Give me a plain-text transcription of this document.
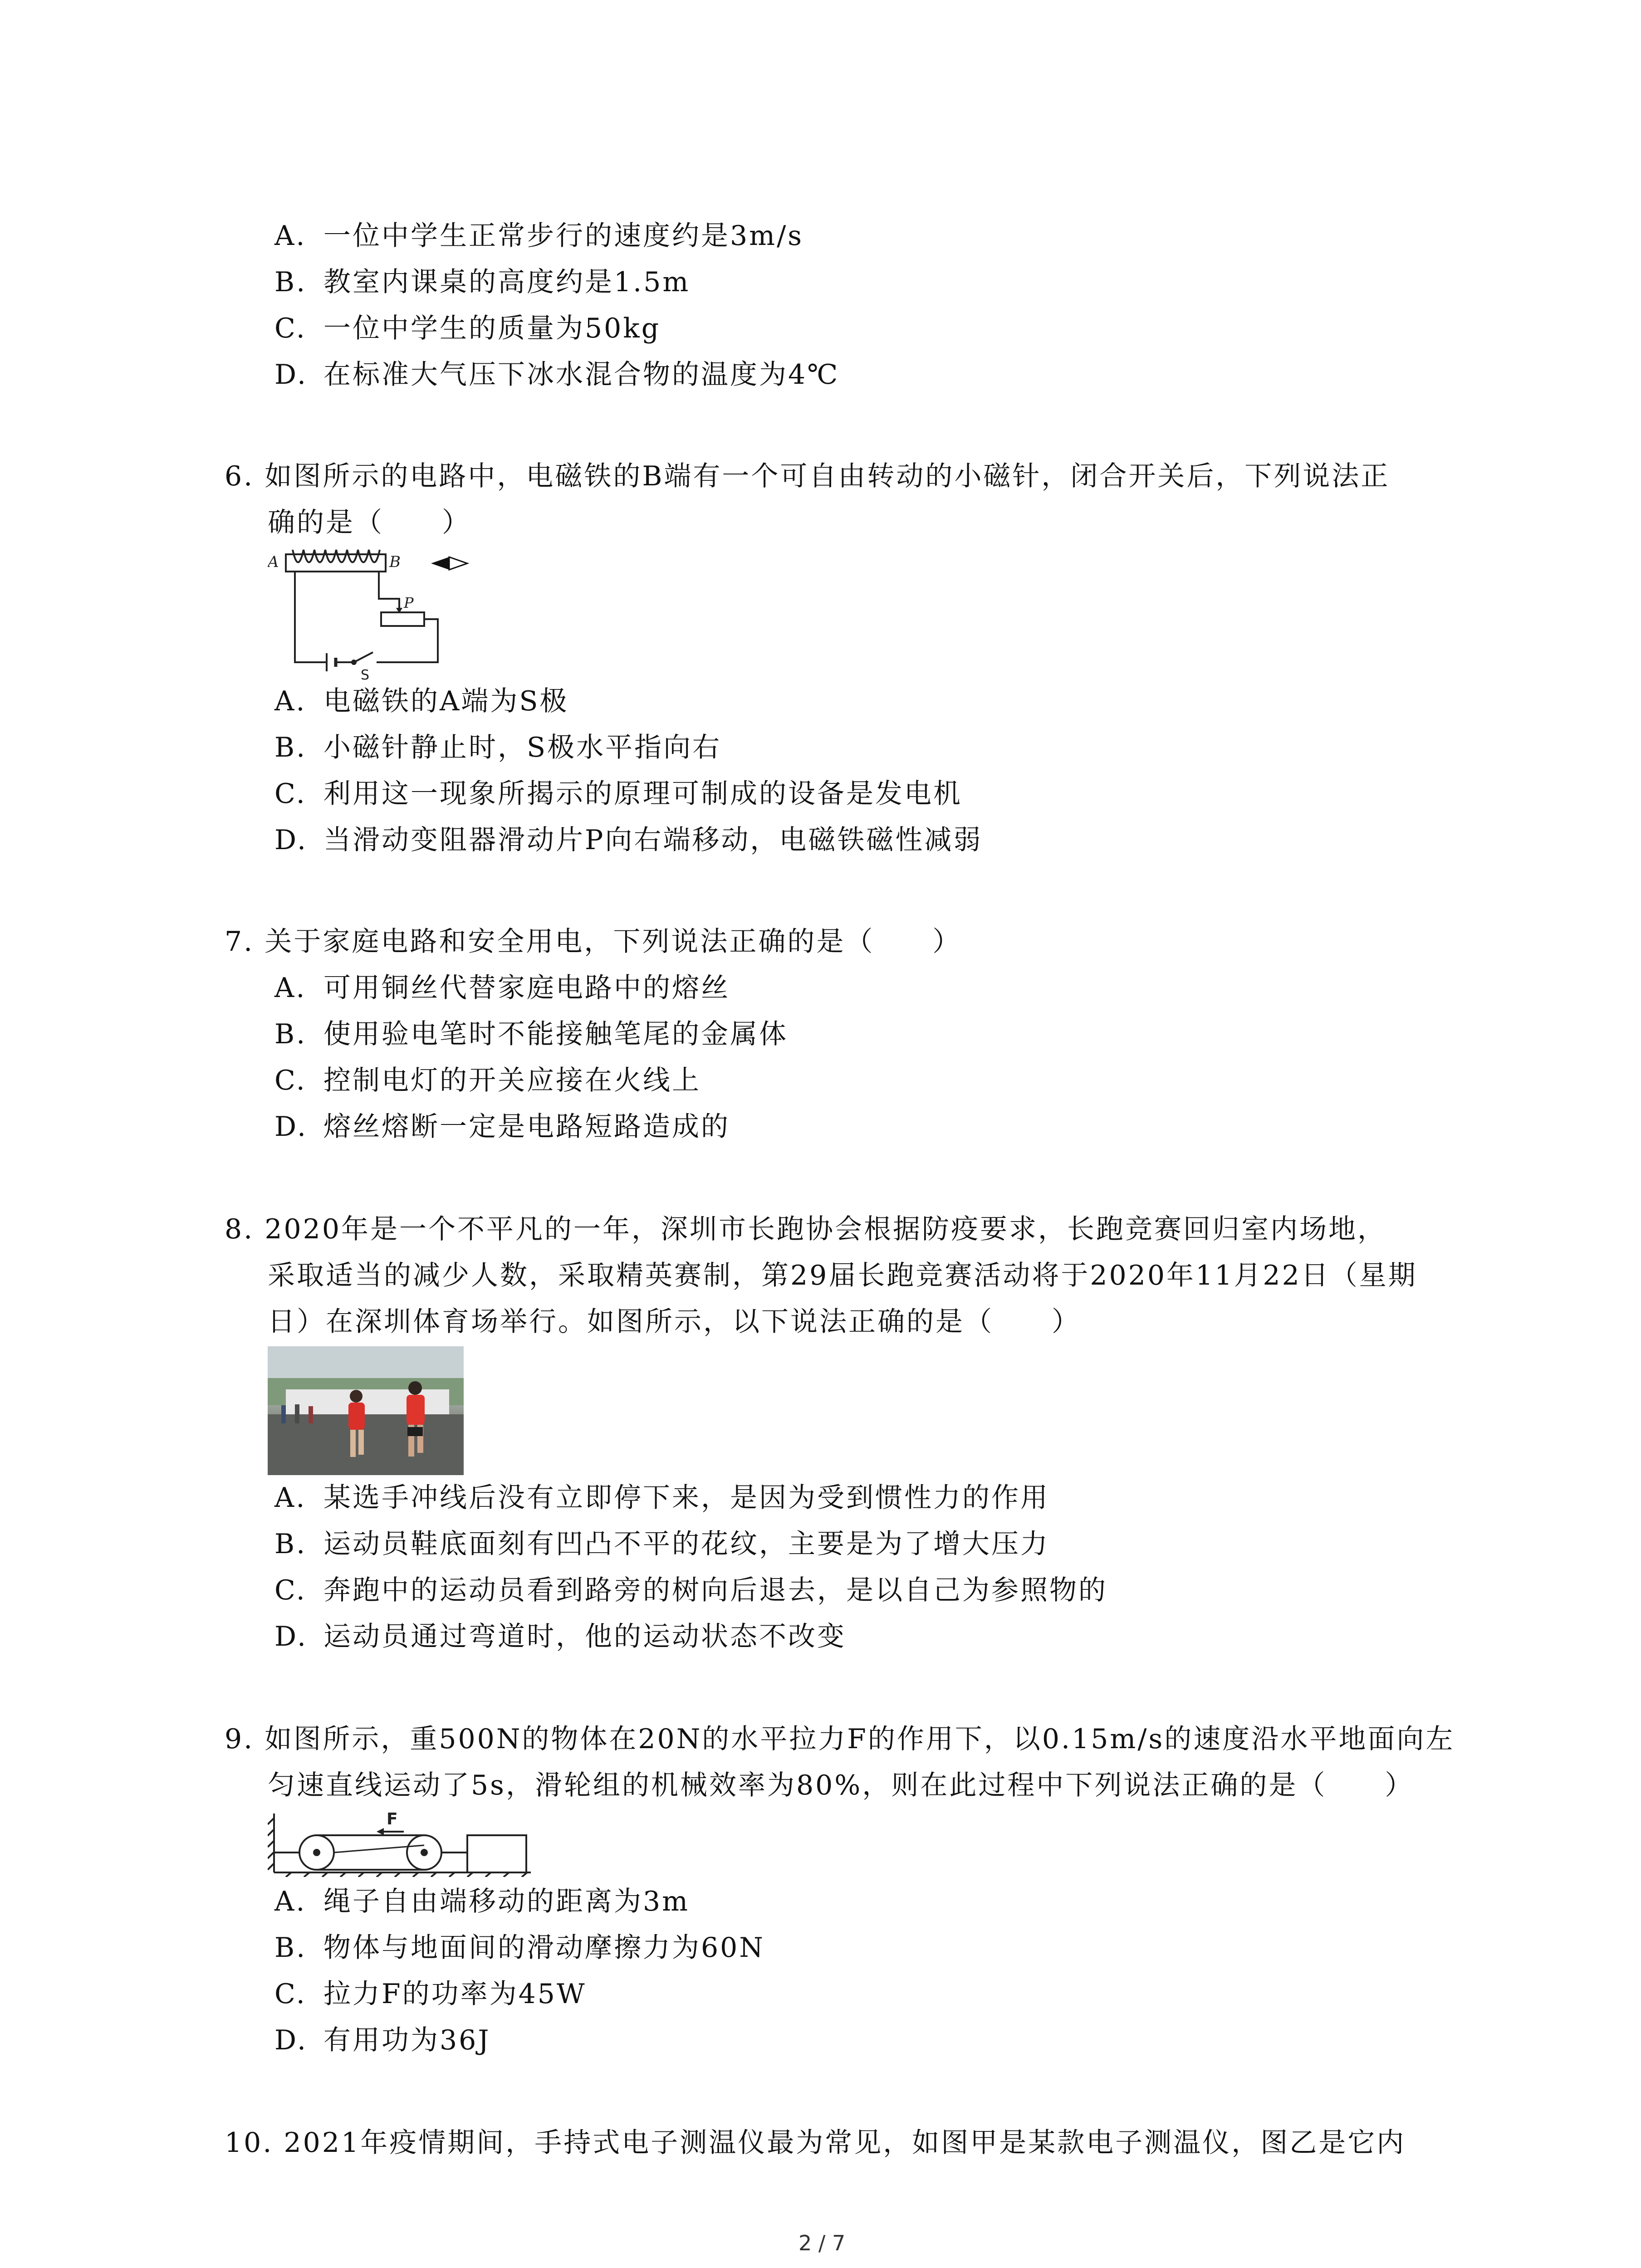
A. 一位中学生正常步行的速度约是3m/s
B. 教室内课桌的高度约是1.5m
C. 一位中学生的质量为50kg
D. 在标准大气压下冰水混合物的温度为4℃
6. 如图所示的电路中，电磁铁的B端有一个可自由转动的小磁针，闭合开关后，下列说法正
确的是（　　）
A	B
P
S
A. 电磁铁的A端为S极
B. 小磁针静止时，S极水平指向右
C. 利用这一现象所揭示的原理可制成的设备是发电机
D. 当滑动变阻器滑动片P向右端移动，电磁铁磁性减弱
7. 关于家庭电路和安全用电，下列说法正确的是（　　）
A. 可用铜丝代替家庭电路中的熔丝
B. 使用验电笔时不能接触笔尾的金属体
C. 控制电灯的开关应接在火线上
D. 熔丝熔断一定是电路短路造成的
8. 2020年是一个不平凡的一年，深圳市长跑协会根据防疫要求，长跑竞赛回归室内场地，
采取适当的减少人数，采取精英赛制，第29届长跑竞赛活动将于2020年11月22日（星期
日）在深圳体育场举行。如图所示，以下说法正确的是（　　）
A. 某选手冲线后没有立即停下来，是因为受到惯性力的作用
B. 运动员鞋底面刻有凹凸不平的花纹，主要是为了增大压力
C. 奔跑中的运动员看到路旁的树向后退去，是以自己为参照物的
D. 运动员通过弯道时，他的运动状态不改变
9. 如图所示，重500N的物体在20N的水平拉力F的作用下，以0.15m/s的速度沿水平地面向左
匀速直线运动了5s，滑轮组的机械效率为80%，则在此过程中下列说法正确的是（　　）
F
A. 绳子自由端移动的距离为3m
B. 物体与地面间的滑动摩擦力为60N
C. 拉力F的功率为45W
D. 有用功为36J
10. 2021年疫情期间，手持式电子测温仪最为常见，如图甲是某款电子测温仪，图乙是它内
2 / 7
